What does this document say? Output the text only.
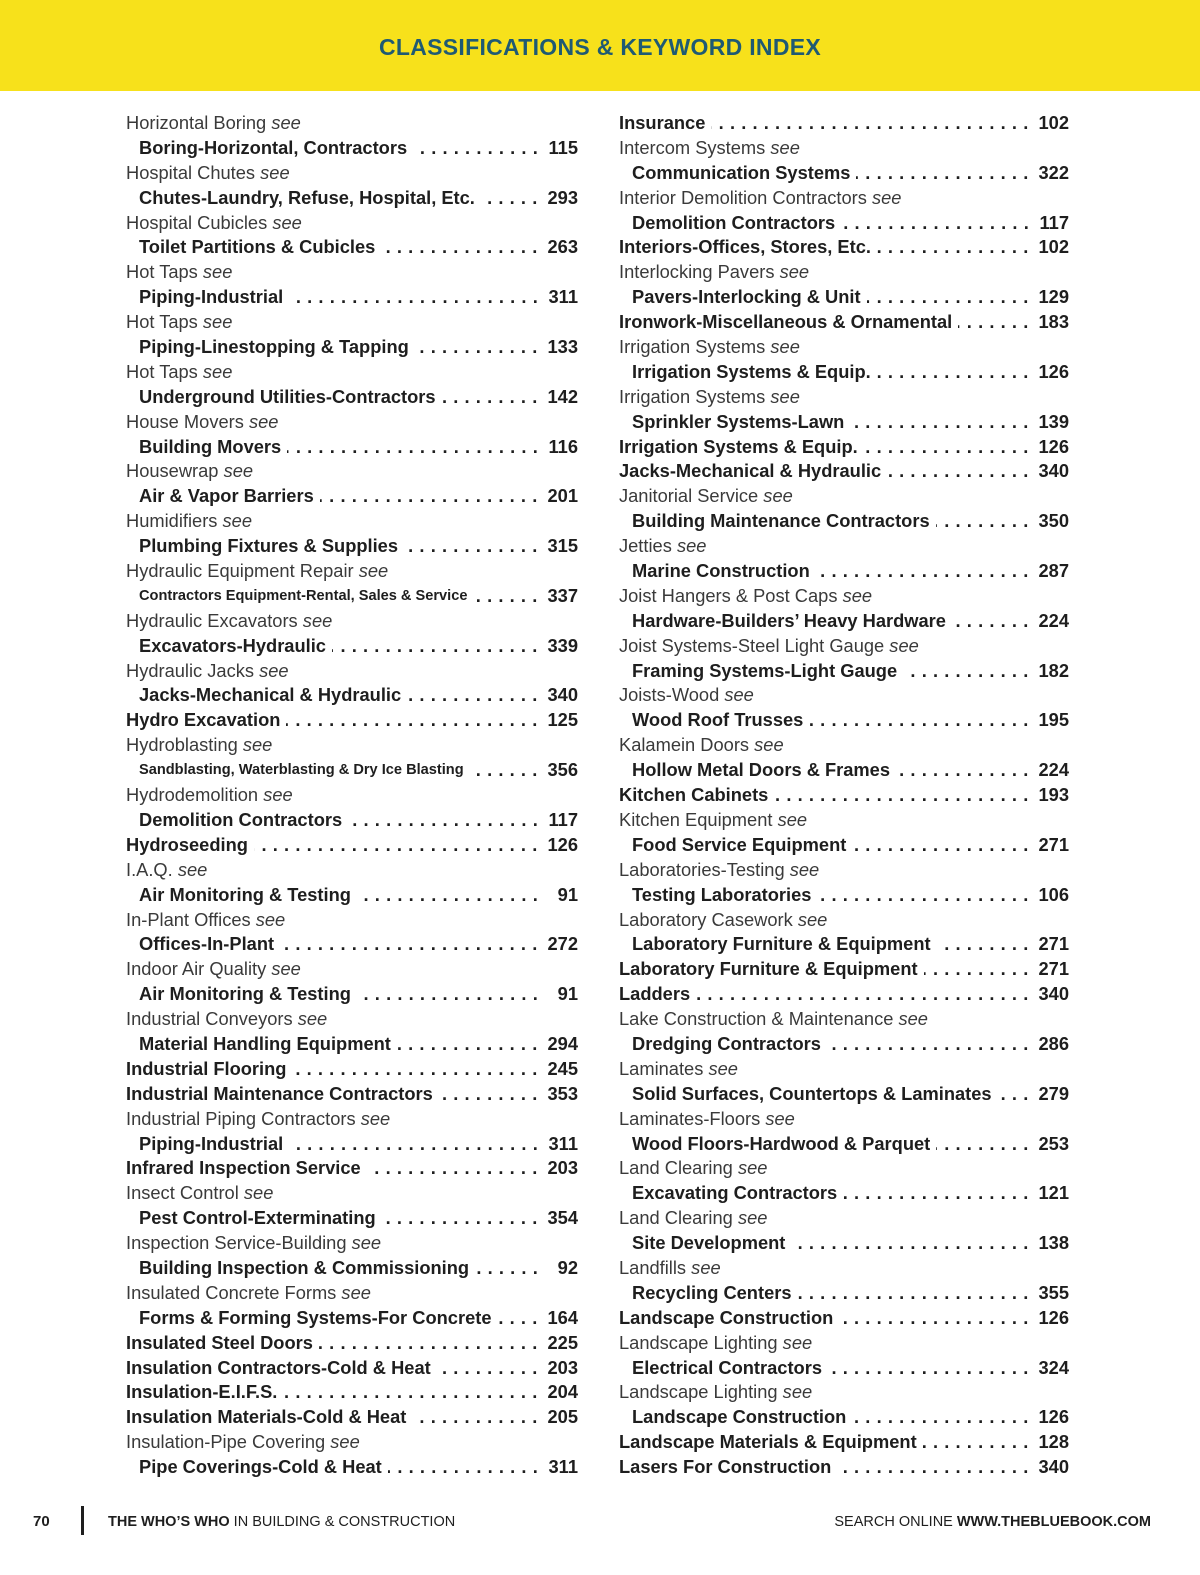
CLASSIFICATIONS & KEYWORD INDEX
Horizontal Boring see
Boring-Horizontal, Contractors .....	115
Hospital Chutes see
Chutes-Laundry, Refuse, Hospital, Etc. .....	293
Hospital Cubicles see
Toilet Partitions & Cubicles .....	263
Hot Taps see
Piping-Industrial .....	311
Hot Taps see
Piping-Linestopping & Tapping .....	133
Hot Taps see
Underground Utilities-Contractors .....	142
House Movers see
Building Movers .....	116
Housewrap see
Air & Vapor Barriers .....	201
Humidifiers see
Plumbing Fixtures & Supplies .....	315
Hydraulic Equipment Repair see
Contractors Equipment-Rental, Sales & Service .....	337
Hydraulic Excavators see
Excavators-Hydraulic .....	339
Hydraulic Jacks see
Jacks-Mechanical & Hydraulic .....	340
Hydro Excavation .....	125
Hydroblasting see
Sandblasting, Waterblasting & Dry Ice Blasting .....	356
Hydrodemolition see
Demolition Contractors .....	117
Hydroseeding .....	126
I.A.Q. see
Air Monitoring & Testing .....	91
In-Plant Offices see
Offices-In-Plant .....	272
Indoor Air Quality see
Air Monitoring & Testing .....	91
Industrial Conveyors see
Material Handling Equipment .....	294
Industrial Flooring .....	245
Industrial Maintenance Contractors .....	353
Industrial Piping Contractors see
Piping-Industrial .....	311
Infrared Inspection Service .....	203
Insect Control see
Pest Control-Exterminating .....	354
Inspection Service-Building see
Building Inspection & Commissioning .....	92
Insulated Concrete Forms see
Forms & Forming Systems-For Concrete .....	164
Insulated Steel Doors .....	225
Insulation Contractors-Cold & Heat .....	203
Insulation-E.I.F.S. .....	204
Insulation Materials-Cold & Heat .....	205
Insulation-Pipe Covering see
Pipe Coverings-Cold & Heat .....	311
Insurance .....	102
Intercom Systems see
Communication Systems .....	322
Interior Demolition Contractors see
Demolition Contractors .....	117
Interiors-Offices, Stores, Etc. .....	102
Interlocking Pavers see
Pavers-Interlocking & Unit .....	129
Ironwork-Miscellaneous & Ornamental .....	183
Irrigation Systems see
Irrigation Systems & Equip. .....	126
Irrigation Systems see
Sprinkler Systems-Lawn .....	139
Irrigation Systems & Equip. .....	126
Jacks-Mechanical & Hydraulic .....	340
Janitorial Service see
Building Maintenance Contractors .....	350
Jetties see
Marine Construction .....	287
Joist Hangers & Post Caps see
Hardware-Builders’ Heavy Hardware .....	224
Joist Systems-Steel Light Gauge see
Framing Systems-Light Gauge .....	182
Joists-Wood see
Wood Roof Trusses .....	195
Kalamein Doors see
Hollow Metal Doors & Frames .....	224
Kitchen Cabinets .....	193
Kitchen Equipment see
Food Service Equipment .....	271
Laboratories-Testing see
Testing Laboratories .....	106
Laboratory Casework see
Laboratory Furniture & Equipment .....	271
Laboratory Furniture & Equipment .....	271
Ladders .....	340
Lake Construction & Maintenance see
Dredging Contractors .....	286
Laminates see
Solid Surfaces, Countertops & Laminates .....	279
Laminates-Floors see
Wood Floors-Hardwood & Parquet .....	253
Land Clearing see
Excavating Contractors .....	121
Land Clearing see
Site Development .....	138
Landfills see
Recycling Centers .....	355
Landscape Construction .....	126
Landscape Lighting see
Electrical Contractors .....	324
Landscape Lighting see
Landscape Construction .....	126
Landscape Materials & Equipment .....	128
Lasers For Construction .....	340
70	THE WHO’S WHO IN BUILDING & CONSTRUCTION	SEARCH ONLINE WWW.THEBLUEBOOK.COM
